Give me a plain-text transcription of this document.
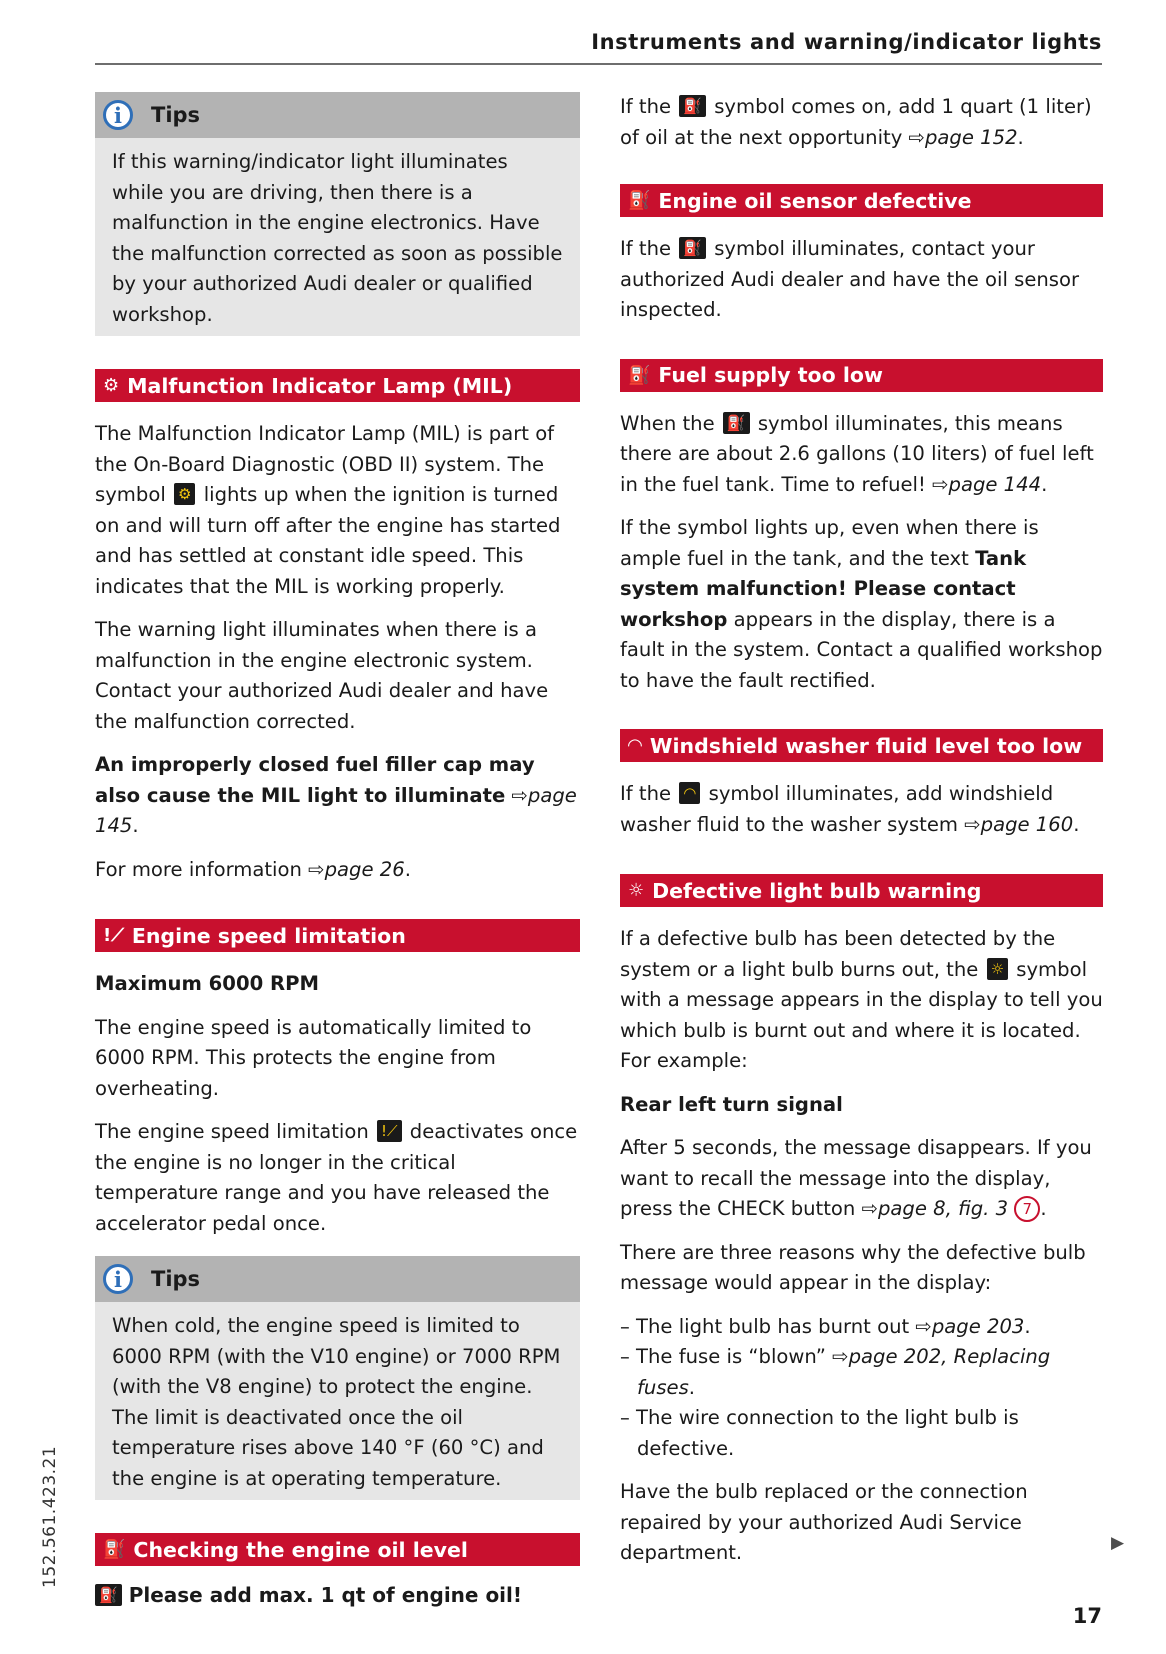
Instruments and warning/indicator lights
i	Tips

If this warning/indicator light illuminates while you are driving, then there is a malfunction in the engine electronics. Have the malfunction corrected as soon as possible by your authorized Audi dealer or qualified workshop.

⚙ Malfunction Indicator Lamp (MIL)

The Malfunction Indicator Lamp (MIL) is part of the On-Board Diagnostic (OBD II) system. The symbol ⚙ lights up when the ignition is turned on and will turn off after the engine has started and has settled at constant idle speed. This indicates that the MIL is working properly.

The warning light illuminates when there is a malfunction in the engine electronic system. Contact your authorized Audi dealer and have the malfunction corrected.

An improperly closed fuel filler cap may also cause the MIL light to illuminate ⇨page 145.

For more information ⇨page 26.

!⟋ Engine speed limitation
Maximum 6000 RPM

The engine speed is automatically limited to 6000 RPM. This protects the engine from overheating.

The engine speed limitation !⟋ deactivates once the engine is no longer in the critical temperature range and you have released the accelerator pedal once.

i	Tips

When cold, the engine speed is limited to 6000 RPM (with the V10 engine) or 7000 RPM (with the V8 engine) to protect the engine. The limit is deactivated once the oil temperature rises above 140 °F (60 °C) and the engine is at operating temperature.

⛽ Checking the engine oil level
⛽ Please add max. 1 qt of engine oil!

If the ⛽ symbol comes on, add 1 quart (1 liter) of oil at the next opportunity ⇨page 152.

⛽ Engine oil sensor defective

If the ⛽ symbol illuminates, contact your authorized Audi dealer and have the oil sensor inspected.

⛽ Fuel supply too low

When the ⛽ symbol illuminates, this means there are about 2.6 gallons (10 liters) of fuel left in the fuel tank. Time to refuel! ⇨page 144.

If the symbol lights up, even when there is ample fuel in the tank, and the text Tank system malfunction! Please contact workshop appears in the display, there is a fault in the system. Contact a qualified workshop to have the fault rectified.

◠ Windshield washer fluid level too low

If the ◠ symbol illuminates, add windshield washer fluid to the washer system ⇨page 160.

☼ Defective light bulb warning

If a defective bulb has been detected by the system or a light bulb burns out, the ☼ symbol with a message appears in the display to tell you which bulb is burnt out and where it is located. For example:

Rear left turn signal

After 5 seconds, the message disappears. If you want to recall the message into the display, press the CHECK button ⇨page 8, fig. 3 7 .

There are three reasons why the defective bulb message would appear in the display:

– The light bulb has burnt out ⇨page 203.
– The fuse is “blown” ⇨page 202, Replacing fuses.
– The wire connection to the light bulb is defective.

Have the bulb replaced or the connection repaired by your authorized Audi Service department.

152.561.423.21	▶
17
